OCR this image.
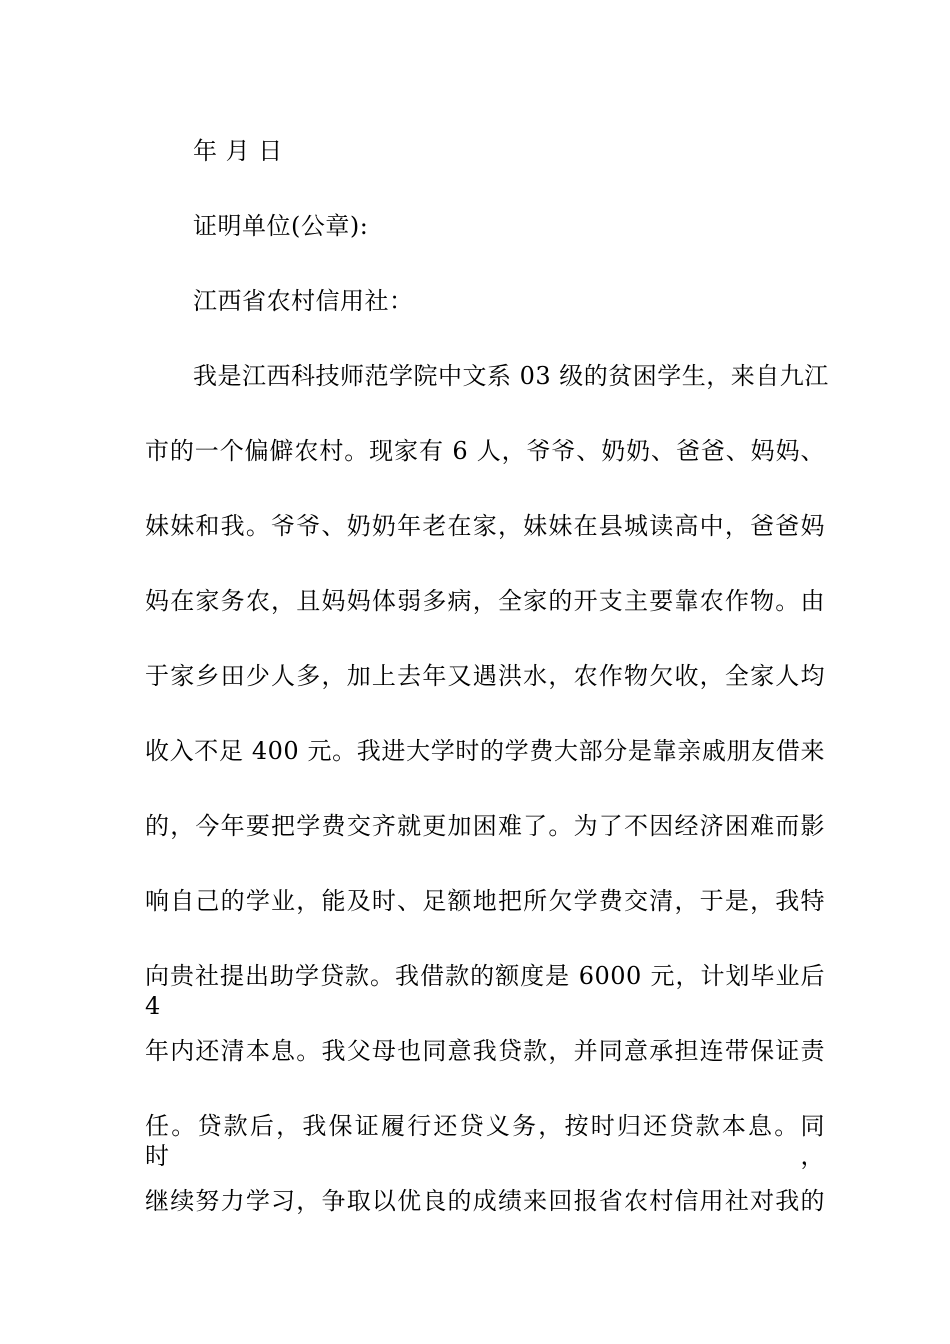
年 月 日
证明单位(公章):
江西省农村信用社：
我是江西科技师范学院中文系 03 级的贫困学生，来自九江
市的一个偏僻农村。现家有 6 人，爷爷、奶奶、爸爸、妈妈、
妹妹和我。爷爷、奶奶年老在家，妹妹在县城读高中，爸爸妈
妈在家务农，且妈妈体弱多病，全家的开支主要靠农作物。由
于家乡田少人多，加上去年又遇洪水，农作物欠收，全家人均
收入不足 400 元。我进大学时的学费大部分是靠亲戚朋友借来
的，今年要把学费交齐就更加困难了。为了不因经济困难而影
响自己的学业，能及时、足额地把所欠学费交清，于是，我特
向贵社提出助学贷款。我借款的额度是 6000 元，计划毕业后 4
年内还清本息。我父母也同意我贷款，并同意承担连带保证责
任。贷款后，我保证履行还贷义务，按时归还贷款本息。同时，
继续努力学习，争取以优良的成绩来回报省农村信用社对我的
